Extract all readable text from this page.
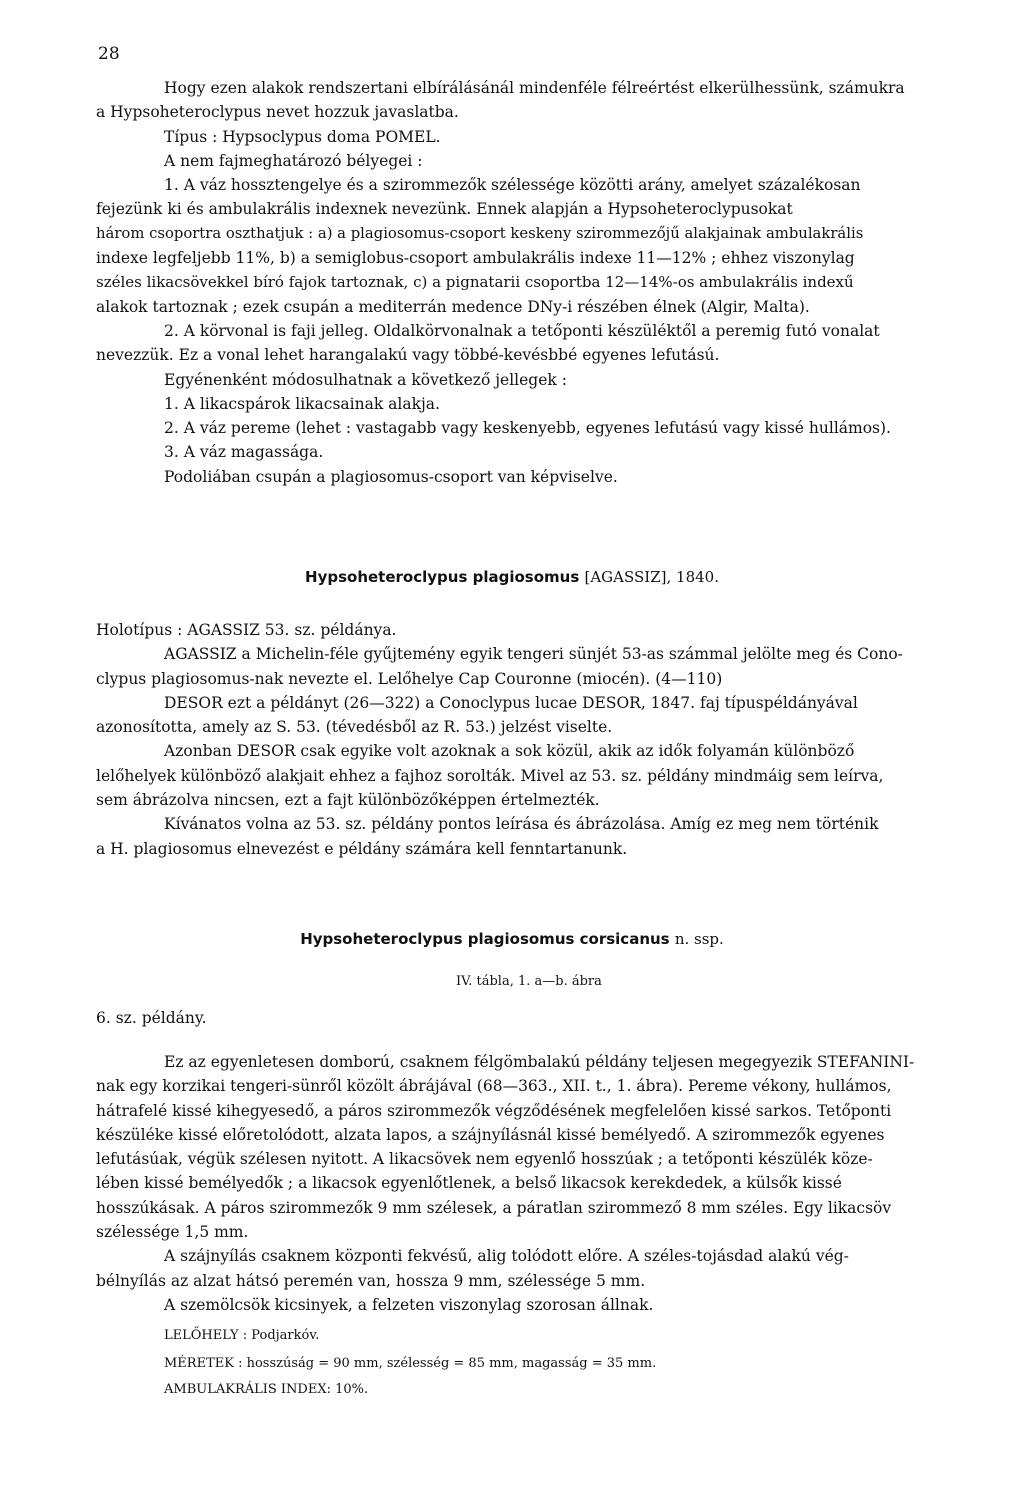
28
Hogy ezen alakok rendszertani elbírálásánál mindenféle félreértést elkerülhessünk, számukra
a Hypsoheteroclypus nevet hozzuk javaslatba.
Típus : Hypsoclypus doma POMEL.
A nem fajmeghatározó bélyegei :
1. A váz hossztengelye és a szirommezők szélessége közötti arány, amelyet százalékosan
fejezünk ki és ambulakrális indexnek nevezünk. Ennek alapján a Hypsoheteroclypusokat
három csoportra oszthatjuk : a) a plagiosomus-csoport keskeny szirommezőjű alakjainak ambulakrális
indexe legfeljebb 11%, b) a semiglobus-csoport ambulakrális indexe 11—12% ; ehhez viszonylag
széles likacsövekkel bíró fajok tartoznak, c) a pignatarii csoportba 12—14%-os ambulakrális indexű
alakok tartoznak ; ezek csupán a mediterrán medence DNy-i részében élnek (Algir, Malta).
2. A körvonal is faji jelleg. Oldalkörvonalnak a tetőponti készüléktől a peremig futó vonalat
nevezzük. Ez a vonal lehet harangalakú vagy többé-kevésbbé egyenes lefutású.
Egyénenként módosulhatnak a következő jellegek :
1. A likacspárok likacsainak alakja.
2. A váz pereme (lehet : vastagabb vagy keskenyebb, egyenes lefutású vagy kissé hullámos).
3. A váz magassága.
Podoliában csupán a plagiosomus-csoport van képviselve.
Hypsoheteroclypus plagiosomus [AGASSIZ], 1840.
Holotípus : AGASSIZ 53. sz. példánya.
AGASSIZ a Michelin-féle gyűjtemény egyik tengeri sünjét 53-as számmal jelölte meg és Cono-
clypus plagiosomus-nak nevezte el. Lelőhelye Cap Couronne (miocén). (4—110)
DESOR ezt a példányt (26—322) a Conoclypus lucae DESOR, 1847. faj típuspéldányával
azonosította, amely az S. 53. (tévedésből az R. 53.) jelzést viselte.
Azonban DESOR csak egyike volt azoknak a sok közül, akik az idők folyamán különböző
lelőhelyek különböző alakjait ehhez a fajhoz sorolták. Mivel az 53. sz. példány mindmáig sem leírva,
sem ábrázolva nincsen, ezt a fajt különbözőképpen értelmezték.
Kívánatos volna az 53. sz. példány pontos leírása és ábrázolása. Amíg ez meg nem történik
a H. plagiosomus elnevezést e példány számára kell fenntartanunk.
Hypsoheteroclypus plagiosomus corsicanus n. ssp.
IV. tábla, 1. a—b. ábra
6. sz. példány.
Ez az egyenletesen domború, csaknem félgömbalakú példány teljesen megegyezik STEFANINI-
nak egy korzikai tengeri-sünről közölt ábrájával (68—363., XII. t., 1. ábra). Pereme vékony, hullámos,
hátrafelé kissé kihegyesedő, a páros szirommezők végződésének megfelelően kissé sarkos. Tetőponti
készüléke kissé előretolódott, alzata lapos, a szájnyílásnál kissé bemélyedő. A szirommezők egyenes
lefutásúak, végük szélesen nyitott. A likacsövek nem egyenlő hosszúak ; a tetőponti készülék köze-
lében kissé bemélyedők ; a likacsok egyenlőtlenek, a belső likacsok kerekdedek, a külsők kissé
hosszúkásak. A páros szirommezők 9 mm szélesek, a páratlan szirommező 8 mm széles. Egy likacsöv
szélessége 1,5 mm.
A szájnyílás csaknem központi fekvésű, alig tolódott előre. A széles-tojásdad alakú vég-
bélnyílás az alzat hátsó peremén van, hossza 9 mm, szélessége 5 mm.
A szemölcsök kicsinyek, a felzeten viszonylag szorosan állnak.
LELŐHELY : Podjarkóv.
MÉRETEK : hosszúság = 90 mm, szélesség = 85 mm, magasság = 35 mm.
AMBULAKRÁLIS INDEX: 10%.
